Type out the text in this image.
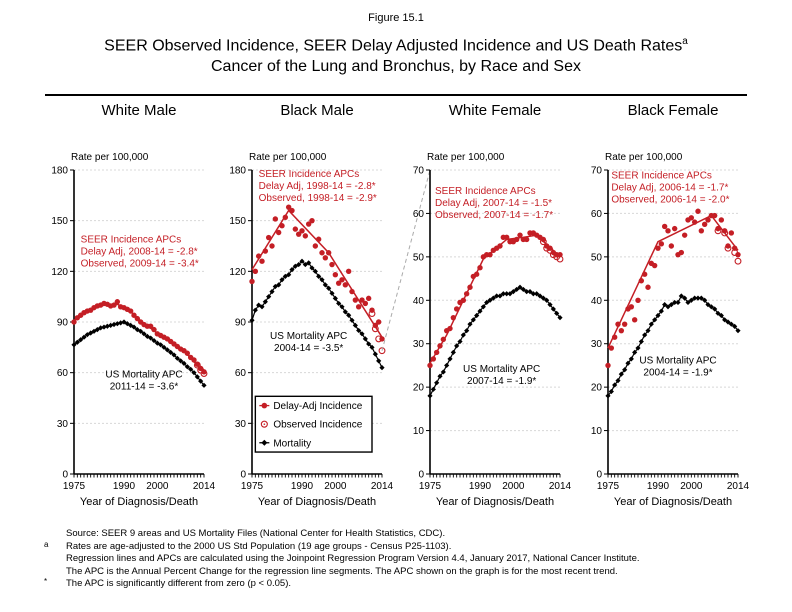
Figure 15.1
SEER Observed Incidence, SEER Delay Adjusted Incidence and US Death Rates$^a$
Cancer of the Lung and Bronchus, by Race and Sex
White Male
0
30
60
90
120
150
180
1975	1990 2000 2014
Rate per 100,000
Year of Diagnosis/Death
SEER Incidence APCs
Delay Adj, 2008-14 = -2.8*
Observed, 2009-14 = -3.4*
US Mortality APC
2011-14 = -3.6*
Black Male
0
30
60
90
120
150
180
1975	1990 2000 2014
Rate per 100,000
Year of Diagnosis/Death
SEER Incidence APCs
Delay Adj, 1998-14 = -2.8*
Observed, 1998-14 = -2.9*
US Mortality APC
2004-14 = -3.5*
Delay-Adj Incidence
Observed Incidence
Mortality
White Female
0
10
20
30
40
50
60
70
1975	1990 2000 2014
Rate per 100,000
Year of Diagnosis/Death
SEER Incidence APCs
Delay Adj, 2007-14 = -1.5*
Observed, 2007-14 = -1.7*
US Mortality APC
2007-14 = -1.9*
Black Female
0
10
20
30
40
50
60
70
1975	1990 2000 2014
Rate per 100,000
Year of Diagnosis/Death
SEER Incidence APCs
Delay Adj, 2006-14 = -1.7*
Observed, 2006-14 = -2.0*
US Mortality APC
2004-14 = -1.9*
Source: SEER 9 areas and US Mortality Files (National Center for Health Statistics, CDC).
a	Rates are age-adjusted to the 2000 US Std Population (19 age groups - Census P25-1103).
Regression lines and APCs are calculated using the Joinpoint Regression Program Version 4.4, January 2017, National Cancer Institute.
The APC is the Annual Percent Change for the regression line segments. The APC shown on the graph is for the most recent trend.
*	The APC is significantly different from zero (p < 0.05).
